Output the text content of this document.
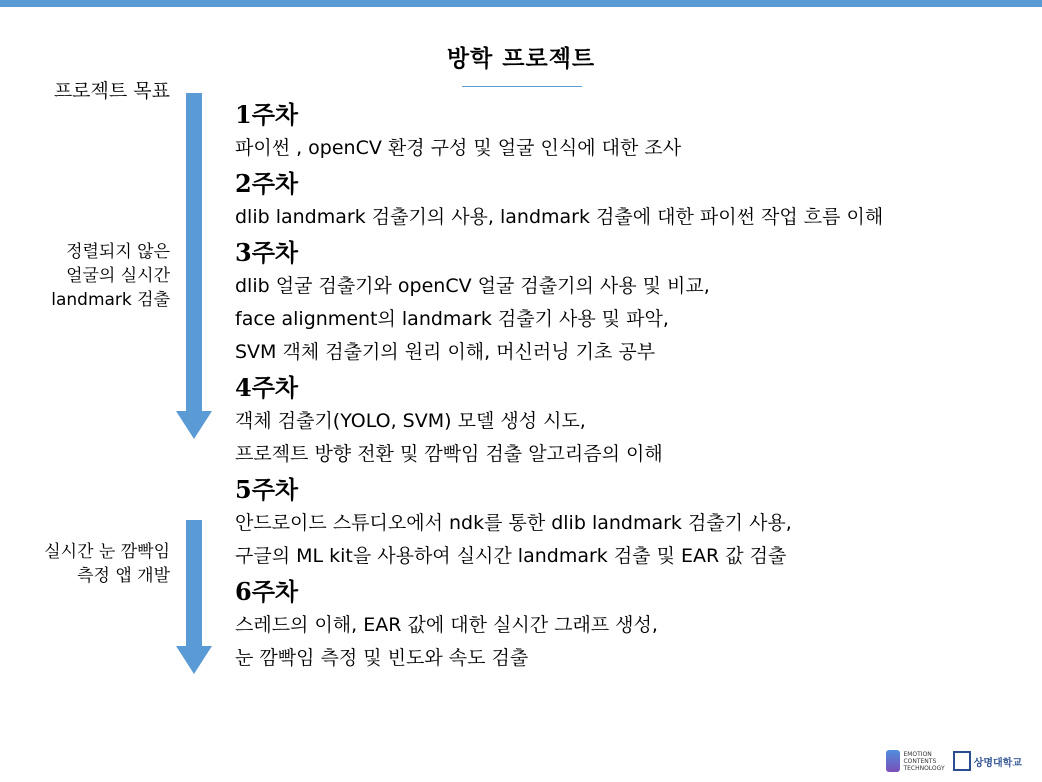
방학 프로젝트
프로젝트 목표
정렬되지 않은
얼굴의 실시간
landmark 검출
실시간 눈 깜빡임
측정 앱 개발
1주차
파이썬 , openCV 환경 구성 및 얼굴 인식에 대한 조사
2주차
dlib landmark 검출기의 사용, landmark 검출에 대한 파이썬 작업 흐름 이해
3주차
dlib 얼굴 검출기와 openCV 얼굴 검출기의 사용 및 비교,
face alignment의 landmark 검출기 사용 및 파악,
SVM 객체 검출기의 원리 이해, 머신러닝 기초 공부
4주차
객체 검출기(YOLO, SVM) 모델 생성 시도,
프로젝트 방향 전환 및 깜빡임 검출 알고리즘의 이해
5주차
안드로이드 스튜디오에서 ndk를 통한 dlib landmark 검출기 사용,
구글의 ML kit을 사용하여 실시간 landmark 검출 및 EAR 값 검출
6주차
스레드의 이해, EAR 값에 대한 실시간 그래프 생성,
눈 깜빡임 측정 및 빈도와 속도 검출
EMOTION
CONTENTS
TECHNOLOGY	상명대학교
